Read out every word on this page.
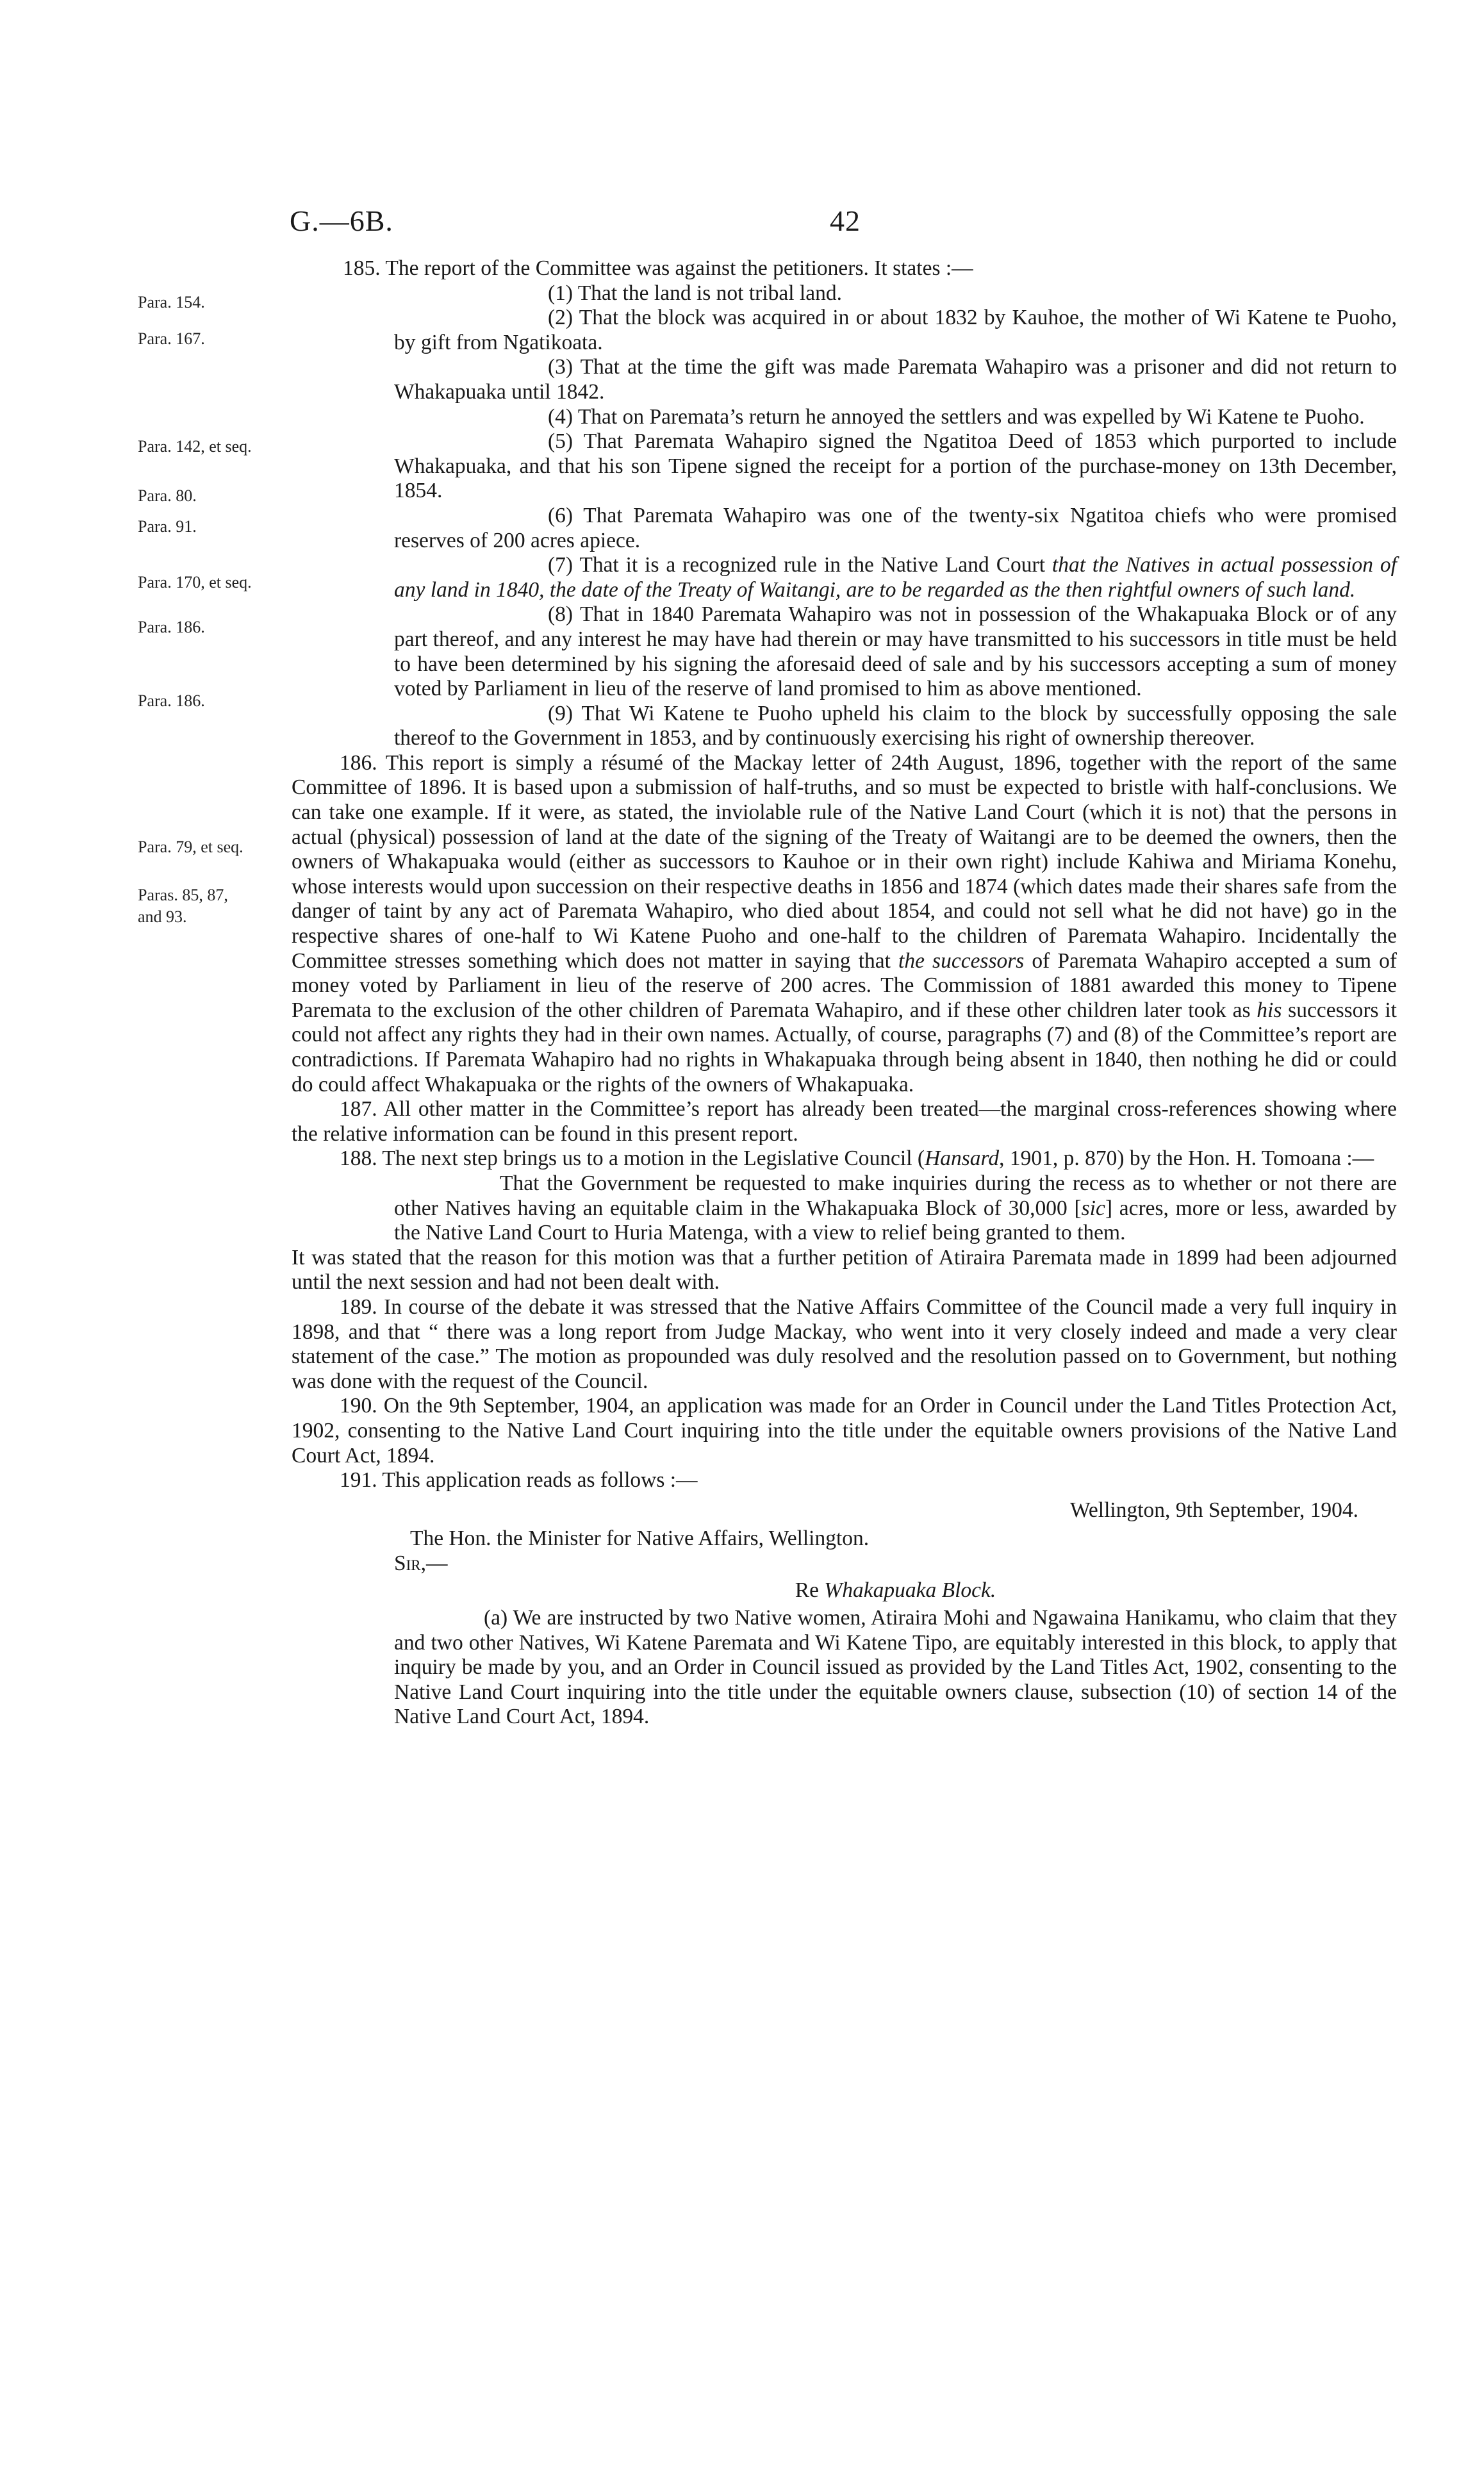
G.—6B.	42
Para. 154.
Para. 167.
Para. 142, et seq.
Para. 80.
Para. 91.
Para. 170, et seq.
Para. 186.
Para. 186.
Para. 79, et seq.
Paras. 85, 87,
and 93.

185. The report of the Committee was against the petitioners. It states :—

(1) That the land is not tribal land.

(2) That the block was acquired in or about 1832 by Kauhoe, the mother of Wi Katene te Puoho, by gift from Ngatikoata.

(3) That at the time the gift was made Paremata Wahapiro was a prisoner and did not return to Whakapuaka until 1842.

(4) That on Paremata’s return he annoyed the settlers and was expelled by Wi Katene te Puoho.

(5) That Paremata Wahapiro signed the Ngatitoa Deed of 1853 which purported to include Whakapuaka, and that his son Tipene signed the receipt for a portion of the purchase-money on 13th December, 1854.

(6) That Paremata Wahapiro was one of the twenty-six Ngatitoa chiefs who were promised reserves of 200 acres apiece.

(7) That it is a recognized rule in the Native Land Court that the Natives in actual possession of any land in 1840, the date of the Treaty of Waitangi, are to be regarded as the then rightful owners of such land.

(8) That in 1840 Paremata Wahapiro was not in possession of the Whakapuaka Block or of any part thereof, and any interest he may have had therein or may have transmitted to his successors in title must be held to have been determined by his signing the aforesaid deed of sale and by his successors accepting a sum of money voted by Parliament in lieu of the reserve of land promised to him as above mentioned.

(9) That Wi Katene te Puoho upheld his claim to the block by successfully opposing the sale thereof to the Government in 1853, and by continuously exercising his right of ownership thereover.

186. This report is simply a résumé of the Mackay letter of 24th August, 1896, together with the report of the same Committee of 1896. It is based upon a submission of half-truths, and so must be expected to bristle with half-conclusions. We can take one example. If it were, as stated, the inviolable rule of the Native Land Court (which it is not) that the persons in actual (physical) possession of land at the date of the signing of the Treaty of Waitangi are to be deemed the owners, then the owners of Whakapuaka would (either as successors to Kauhoe or in their own right) include Kahiwa and Miriama Konehu, whose interests would upon succession on their respective deaths in 1856 and 1874 (which dates made their shares safe from the danger of taint by any act of Paremata Wahapiro, who died about 1854, and could not sell what he did not have) go in the respective shares of one-half to Wi Katene Puoho and one-half to the children of Paremata Wahapiro. Incidentally the Committee stresses something which does not matter in saying that the successors of Paremata Wahapiro accepted a sum of money voted by Parliament in lieu of the reserve of 200 acres. The Commission of 1881 awarded this money to Tipene Paremata to the exclusion of the other children of Paremata Wahapiro, and if these other children later took as his successors it could not affect any rights they had in their own names. Actually, of course, paragraphs (7) and (8) of the Committee’s report are contradictions. If Paremata Wahapiro had no rights in Whakapuaka through being absent in 1840, then nothing he did or could do could affect Whakapuaka or the rights of the owners of Whakapuaka.

187. All other matter in the Committee’s report has already been treated—the marginal cross-references showing where the relative information can be found in this present report.

188. The next step brings us to a motion in the Legislative Council (Hansard, 1901, p. 870) by the Hon. H. Tomoana :—

That the Government be requested to make inquiries during the recess as to whether or not there are other Natives having an equitable claim in the Whakapuaka Block of 30,000 [sic] acres, more or less, awarded by the Native Land Court to Huria Matenga, with a view to relief being granted to them.

It was stated that the reason for this motion was that a further petition of Atiraira Paremata made in 1899 had been adjourned until the next session and had not been dealt with.

189. In course of the debate it was stressed that the Native Affairs Committee of the Council made a very full inquiry in 1898, and that “ there was a long report from Judge Mackay, who went into it very closely indeed and made a very clear statement of the case.” The motion as propounded was duly resolved and the resolution passed on to Government, but nothing was done with the request of the Council.

190. On the 9th September, 1904, an application was made for an Order in Council under the Land Titles Protection Act, 1902, consenting to the Native Land Court inquiring into the title under the equitable owners provisions of the Native Land Court Act, 1894.

191. This application reads as follows :—

Wellington, 9th September, 1904.

The Hon. the Minister for Native Affairs, Wellington.

Sir,—

Re Whakapuaka Block.

(a) We are instructed by two Native women, Atiraira Mohi and Ngawaina Hanikamu, who claim that they and two other Natives, Wi Katene Paremata and Wi Katene Tipo, are equitably interested in this block, to apply that inquiry be made by you, and an Order in Council issued as provided by the Land Titles Act, 1902, consenting to the Native Land Court inquiring into the title under the equitable owners clause, subsection (10) of section 14 of the Native Land Court Act, 1894.
